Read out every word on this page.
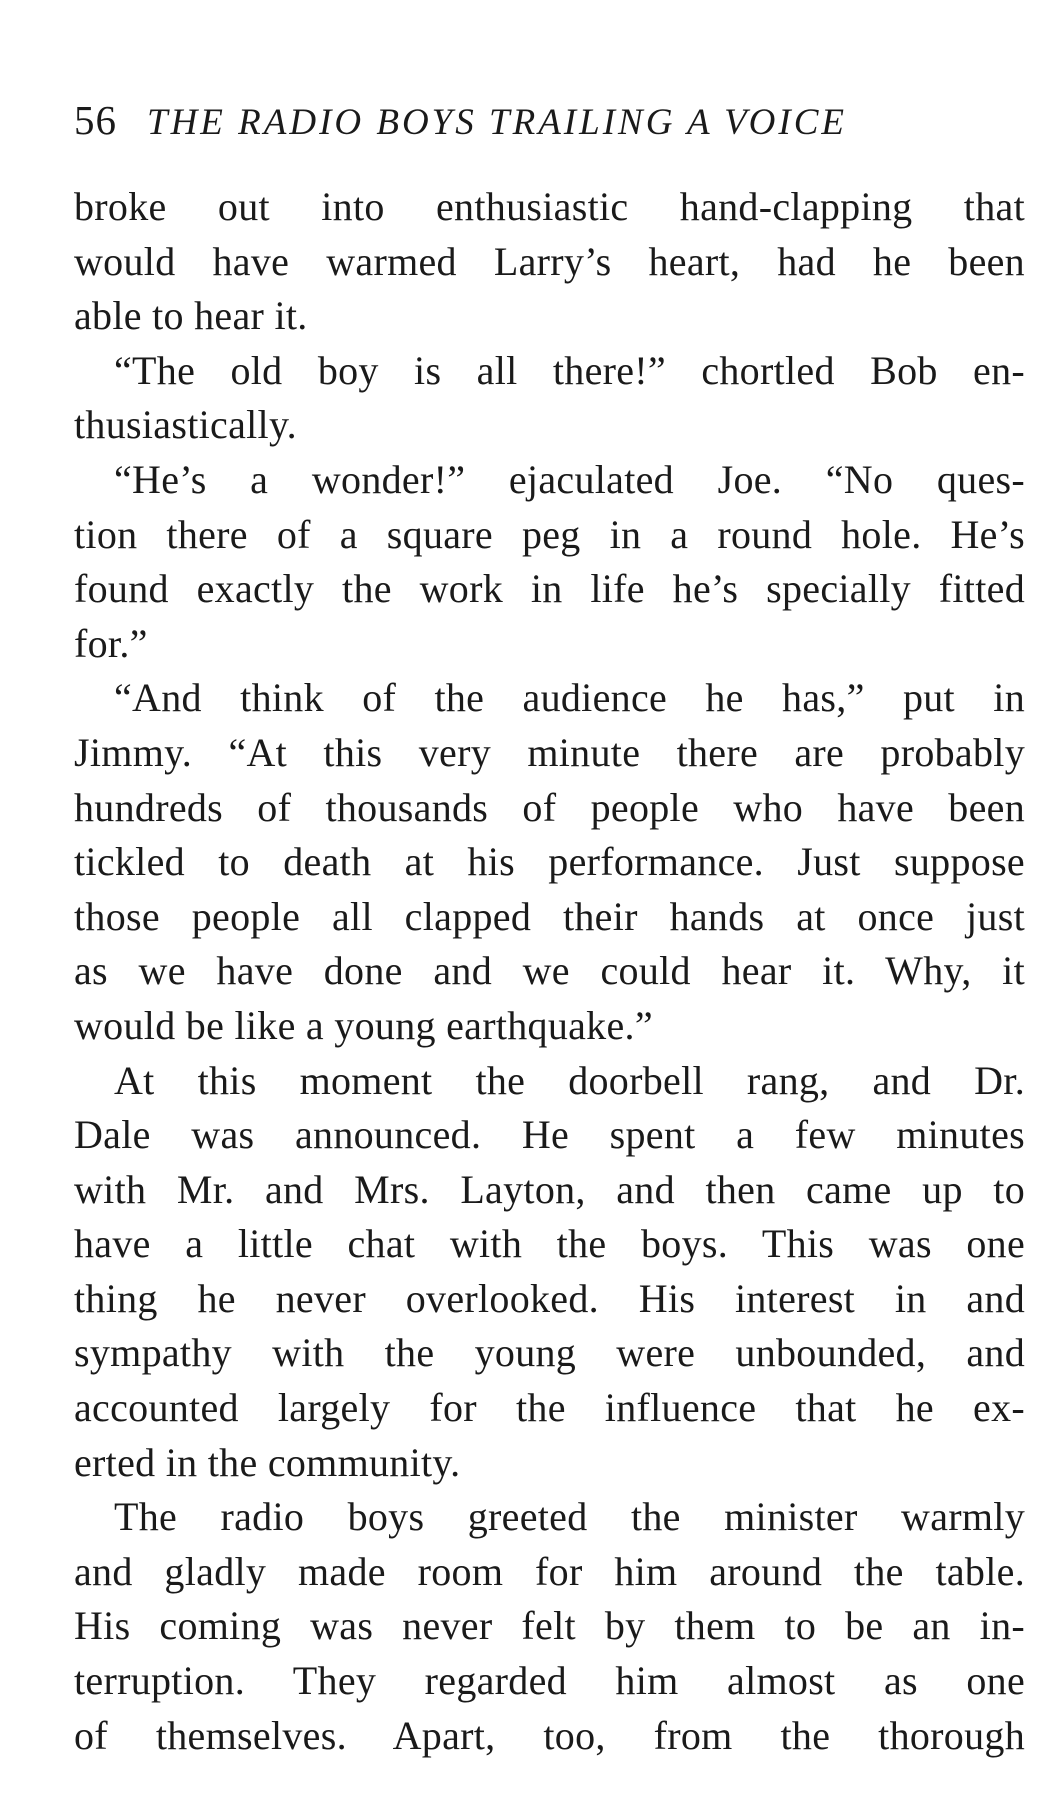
56 THE RADIO BOYS TRAILING A VOICE

broke out into enthusiastic hand-clapping that
would have warmed Larry’s heart, had he been
able to hear it.

“The old boy is all there!” chortled Bob en-
thusiastically.

“He’s a wonder!” ejaculated Joe. “No ques-
tion there of a square peg in a round hole. He’s
found exactly the work in life he’s specially fitted
for.”

“And think of the audience he has,” put in
Jimmy. “At this very minute there are probably
hundreds of thousands of people who have been
tickled to death at his performance. Just suppose
those people all clapped their hands at once just
as we have done and we could hear it. Why, it
would be like a young earthquake.”

At this moment the doorbell rang, and Dr.
Dale was announced. He spent a few minutes
with Mr. and Mrs. Layton, and then came up to
have a little chat with the boys. This was one
thing he never overlooked. His interest in and
sympathy with the young were unbounded, and
accounted largely for the influence that he ex-
erted in the community.

The radio boys greeted the minister warmly
and gladly made room for him around the table.
His coming was never felt by them to be an in-
terruption. They regarded him almost as one
of themselves. Apart, too, from the thorough
